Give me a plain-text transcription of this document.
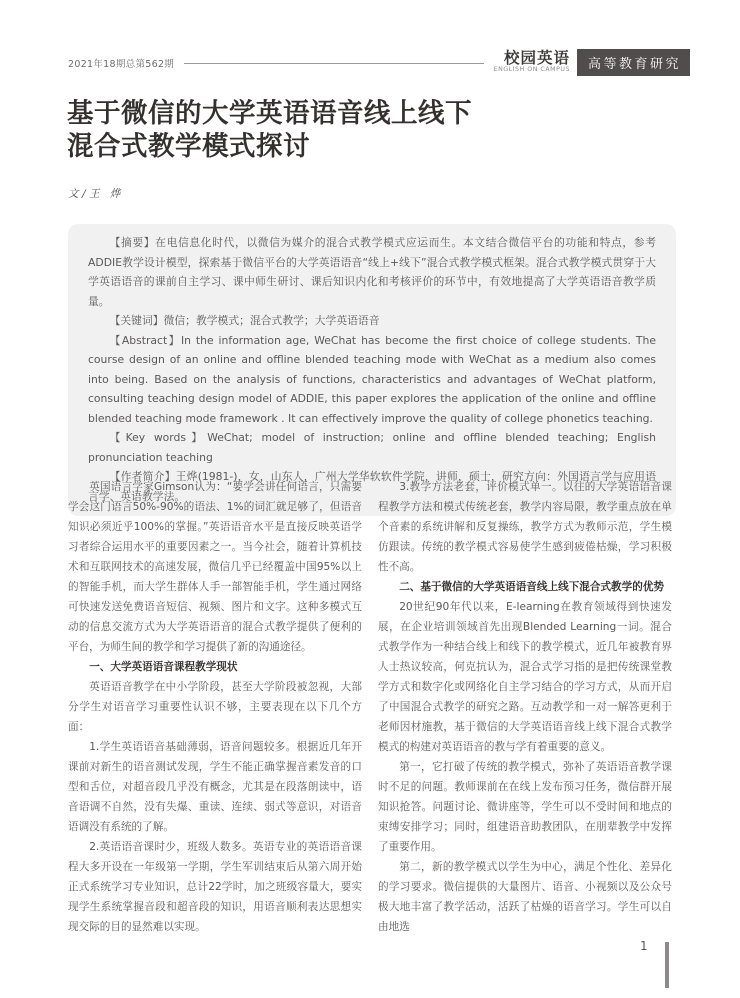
2021年18期总第562期	校园英语
ENGLISH ON CAMPUS	高等教育研究
基于微信的大学英语语音线上线下
混合式教学模式探讨
文/王 烨

【摘要】在电信息化时代，以微信为媒介的混合式教学模式应运而生。本文结合微信平台的功能和特点，参考ADDIE教学设计模型，探索基于微信平台的大学英语语音“线上+线下”混合式教学模式框架。混合式教学模式贯穿于大学英语语音的课前自主学习、课中师生研讨、课后知识内化和考核评价的环节中，有效地提高了大学英语语音教学质量。

【关键词】微信；教学模式；混合式教学；大学英语语音

【Abstract】In the information age, WeChat has become the first choice of college students. The course design of an online and offline blended teaching mode with WeChat as a medium also comes into being. Based on the analysis of functions, characteristics and advantages of WeChat platform, consulting teaching design model of ADDIE, this paper explores the application of the online and offline blended teaching mode framework . It can effectively improve the quality of college phonetics teaching.

【Key words】WeChat; model of instruction; online and offline blended teaching; English pronunciation teaching

【作者简介】王烨(1981-)，女，山东人，广州大学华软软件学院，讲师，硕士，研究方向：外国语言学与应用语言学、英语教学法。

英国语言学家Gimson认为：“要学会讲任何语言，只需要学会这门语言50%-90%的语法、1%的词汇就足够了，但语音知识必须近乎100%的掌握。”英语语音水平是直接反映英语学习者综合运用水平的重要因素之一。当今社会，随着计算机技术和互联网技术的高速发展，微信几乎已经覆盖中国95%以上的智能手机，而大学生群体人手一部智能手机，学生通过网络可快速发送免费语音短信、视频、图片和文字。这种多模式互动的信息交流方式为大学英语语音的混合式教学提供了便利的平台，为师生间的教学和学习提供了新的沟通途径。
一、大学英语语音课程教学现状
英语语音教学在中小学阶段，甚至大学阶段被忽视，大部分学生对语音学习重要性认识不够，主要表现在以下几个方面：
1.学生英语语音基础薄弱，语音问题较多。根据近几年开课前对新生的语音测试发现，学生不能正确掌握音素发音的口型和舌位，对超音段几乎没有概念，尤其是在段落朗读中，语音语调不自然，没有失爆、重读、连续、弱式等意识，对语音语调没有系统的了解。
2.英语语音课时少，班级人数多。英语专业的英语语音课程大多开设在一年级第一学期，学生军训结束后从第六周开始正式系统学习专业知识，总计22学时，加之班级容量大，要实现学生系统掌握音段和超音段的知识，用语音顺利表达思想实现交际的目的显然难以实现。
3.教学方法老套，评价模式单一。以往的大学英语语音课程教学方法和模式传统老套，教学内容局限，教学重点放在单个音素的系统讲解和反复操练，教学方式为教师示范，学生模仿跟读。传统的教学模式容易使学生感到疲倦枯燥，学习积极性不高。
二、基于微信的大学英语语音线上线下混合式教学的优势
20世纪90年代以来，E-learning在教育领域得到快速发展，在企业培训领域首先出现Blended Learning一词。混合式教学作为一种结合线上和线下的教学模式，近几年被教育界人士热议较高，何克抗认为，混合式学习指的是把传统课堂教学方式和数字化或网络化自主学习结合的学习方式，从而开启了中国混合式教学的研究之路。互动教学和一对一解答更利于老师因材施教，基于微信的大学英语语音线上线下混合式教学模式的构建对英语语音的教与学有着重要的意义。
第一，它打破了传统的教学模式，弥补了英语语音教学课时不足的问题。教师课前在在线上发布预习任务，微信群开展知识抢答。问题讨论、微讲座等，学生可以不受时间和地点的束缚安排学习；同时，组建语音助教团队，在朋辈教学中发挥了重要作用。
第二，新的教学模式以学生为中心，满足个性化、差异化的学习要求。微信提供的大量图片、语音、小视频以及公众号极大地丰富了教学活动，活跃了枯燥的语音学习。学生可以自由地选
1
